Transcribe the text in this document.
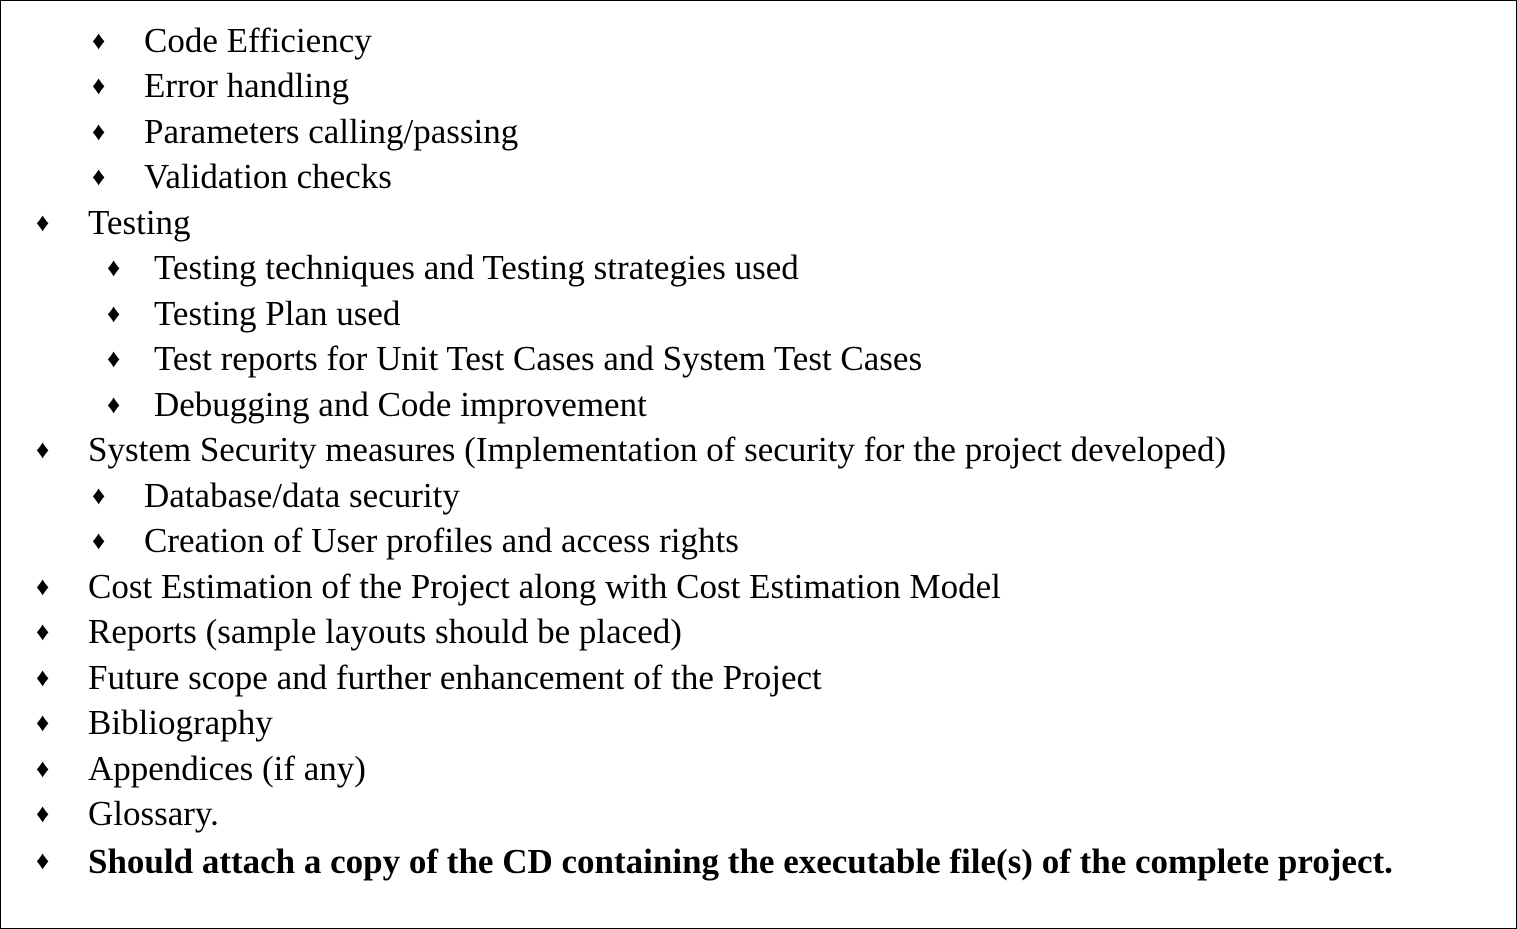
♦ Code Efficiency
♦ Error handling
♦ Parameters calling/passing
♦ Validation checks
♦ Testing
♦ Testing techniques and Testing strategies used
♦ Testing Plan used
♦ Test reports for Unit Test Cases and System Test Cases
♦ Debugging and Code improvement
♦ System Security measures (Implementation of security for the project developed)
♦ Database/data security
♦ Creation of User profiles and access rights
♦ Cost Estimation of the Project along with Cost Estimation Model
♦ Reports (sample layouts should be placed)
♦ Future scope and further enhancement of the Project
♦ Bibliography
♦ Appendices (if any)
♦ Glossary.
♦ Should attach a copy of the CD containing the executable file(s) of the complete project.
